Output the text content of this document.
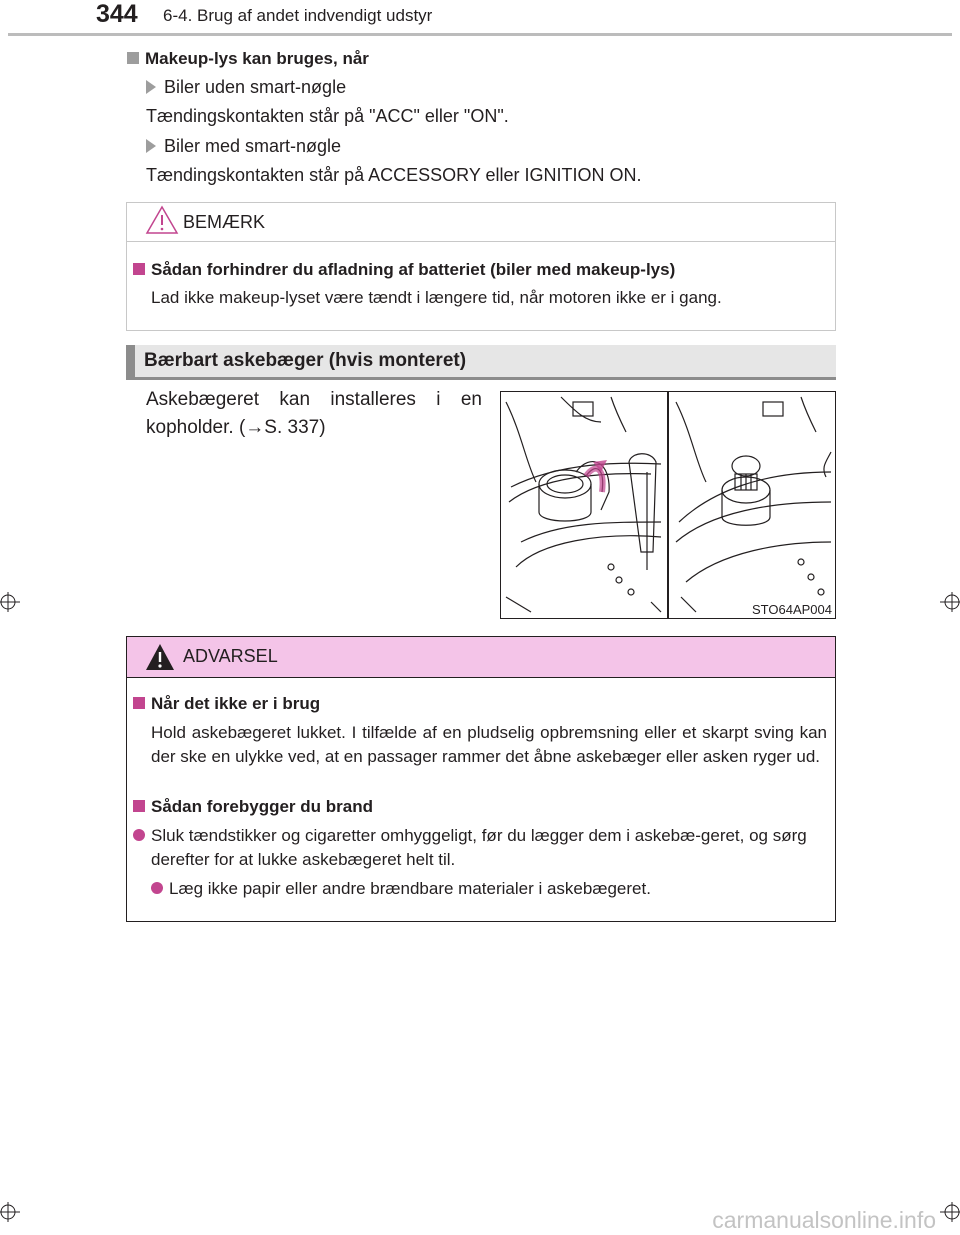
344 6-4. Brug af andet indvendigt udstyr
Makeup-lys kan bruges, når
Biler uden smart-nøgle
Tændingskontakten står på "ACC" eller "ON".
Biler med smart-nøgle
Tændingskontakten står på ACCESSORY eller IGNITION ON.
BEMÆRK
Sådan forhindrer du afladning af batteriet (biler med makeup-lys)
Lad ikke makeup-lyset være tændt i længere tid, når motoren ikke er i gang.
Bærbart askebæger (hvis monteret)
Askebægeret kan installeres i en
kopholder. (→S. 337)
STO64AP004
ADVARSEL
Når det ikke er i brug
Hold askebægeret lukket. I tilfælde af en pludselig opbremsning eller et skarpt sving kan der ske en ulykke ved, at en passager rammer det åbne askebæger eller asken ryger ud.
Sådan forebygger du brand
Sluk tændstikker og cigaretter omhyggeligt, før du lægger dem i askebæ-geret, og sørg derefter for at lukke askebægeret helt til.
Læg ikke papir eller andre brændbare materialer i askebægeret.
carmanualsonline.info
